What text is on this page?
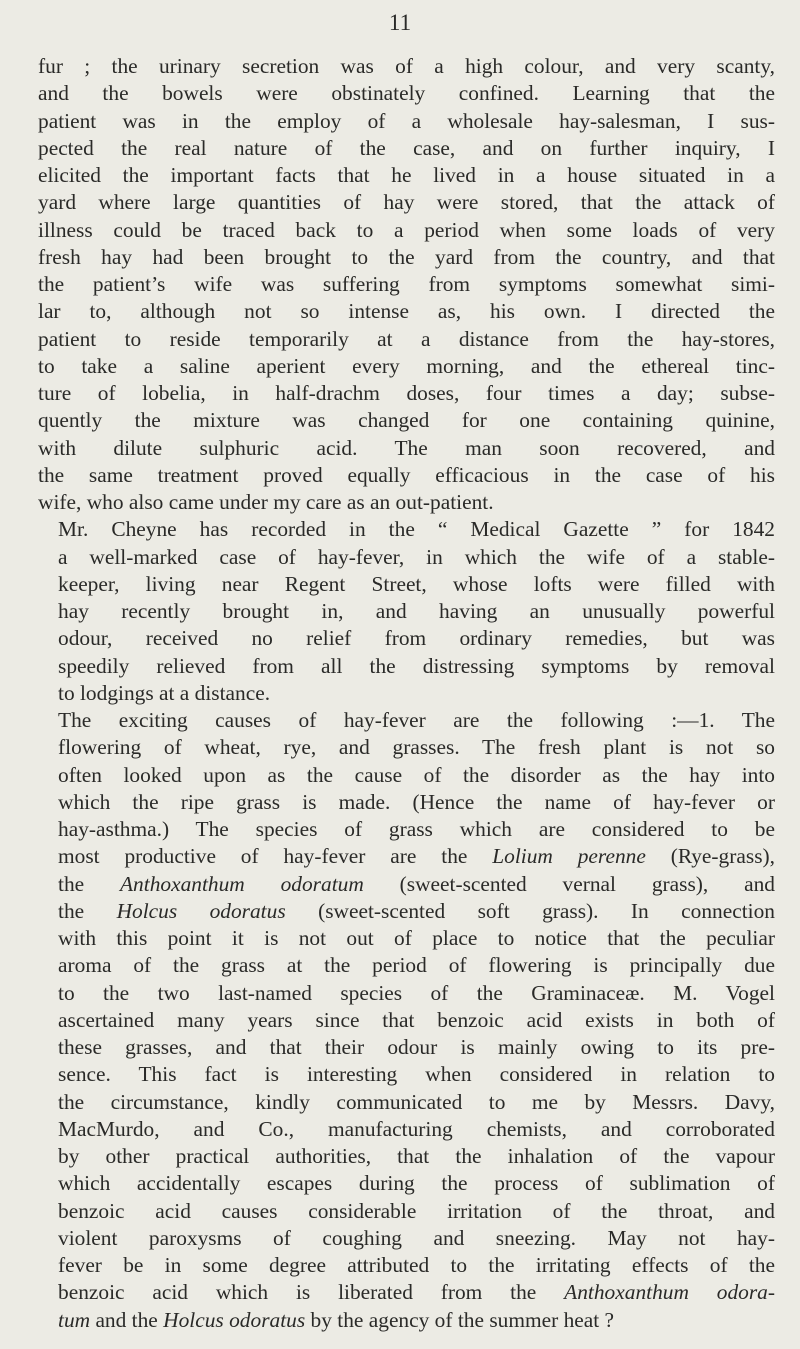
11
fur ; the urinary secretion was of a high colour, and very scanty,
and the bowels were obstinately confined. Learning that the
patient was in the employ of a wholesale hay-salesman, I sus-
pected the real nature of the case, and on further inquiry, I
elicited the important facts that he lived in a house situated in a
yard where large quantities of hay were stored, that the attack of
illness could be traced back to a period when some loads of very
fresh hay had been brought to the yard from the country, and that
the patient’s wife was suffering from symptoms somewhat simi-
lar to, although not so intense as, his own. I directed the
patient to reside temporarily at a distance from the hay-stores,
to take a saline aperient every morning, and the ethereal tinc-
ture of lobelia, in half-drachm doses, four times a day; subse-
quently the mixture was changed for one containing quinine,
with dilute sulphuric acid. The man soon recovered, and
the same treatment proved equally efficacious in the case of his
wife, who also came under my care as an out-patient.
Mr. Cheyne has recorded in the “ Medical Gazette ” for 1842
a well-marked case of hay-fever, in which the wife of a stable-
keeper, living near Regent Street, whose lofts were filled with
hay recently brought in, and having an unusually powerful
odour, received no relief from ordinary remedies, but was
speedily relieved from all the distressing symptoms by removal
to lodgings at a distance.
The exciting causes of hay-fever are the following :—1. The
flowering of wheat, rye, and grasses. The fresh plant is not so
often looked upon as the cause of the disorder as the hay into
which the ripe grass is made. (Hence the name of hay-fever or
hay-asthma.) The species of grass which are considered to be
most productive of hay-fever are the Lolium perenne (Rye-grass),
the Anthoxanthum odoratum (sweet-scented vernal grass), and
the Holcus odoratus (sweet-scented soft grass). In connection
with this point it is not out of place to notice that the peculiar
aroma of the grass at the period of flowering is principally due
to the two last-named species of the Graminaceæ. M. Vogel
ascertained many years since that benzoic acid exists in both of
these grasses, and that their odour is mainly owing to its pre-
sence. This fact is interesting when considered in relation to
the circumstance, kindly communicated to me by Messrs. Davy,
MacMurdo, and Co., manufacturing chemists, and corroborated
by other practical authorities, that the inhalation of the vapour
which accidentally escapes during the process of sublimation of
benzoic acid causes considerable irritation of the throat, and
violent paroxysms of coughing and sneezing. May not hay-
fever be in some degree attributed to the irritating effects of the
benzoic acid which is liberated from the Anthoxanthum odora-
tum and the Holcus odoratus by the agency of the summer heat ?
